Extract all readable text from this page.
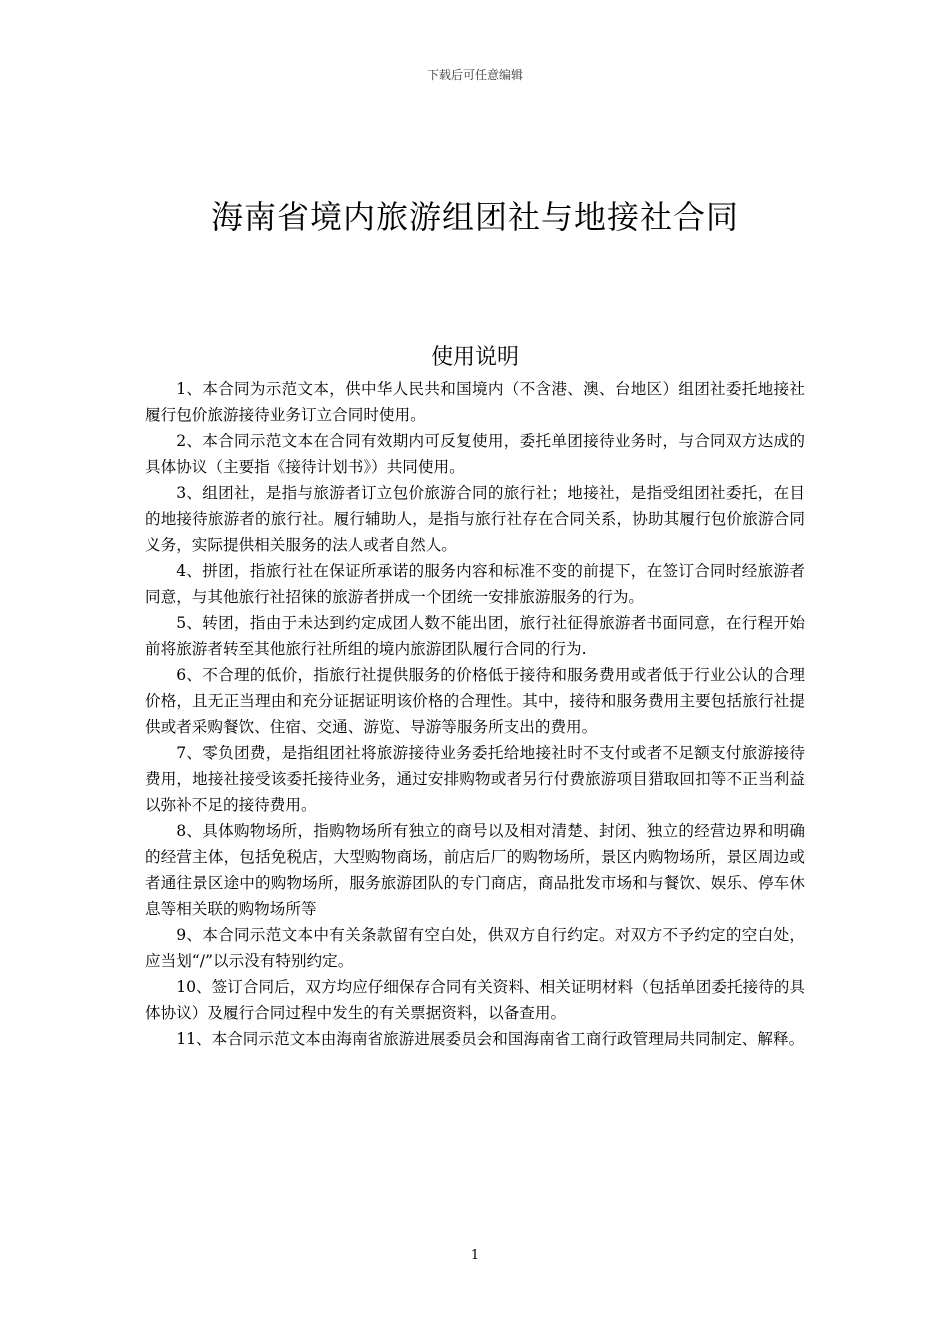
下载后可任意编辑
海南省境内旅游组团社与地接社合同
使用说明

1、本合同为示范文本，供中华人民共和国境内（不含港、澳、台地区）组团社委托地接社履行包价旅游接待业务订立合同时使用。

2、本合同示范文本在合同有效期内可反复使用，委托单团接待业务时，与合同双方达成的具体协议（主要指《接待计划书》）共同使用。

3、组团社，是指与旅游者订立包价旅游合同的旅行社；地接社，是指受组团社委托，在目的地接待旅游者的旅行社。履行辅助人，是指与旅行社存在合同关系，协助其履行包价旅游合同义务，实际提供相关服务的法人或者自然人。

4、拼团，指旅行社在保证所承诺的服务内容和标准不变的前提下，在签订合同时经旅游者同意，与其他旅行社招徕的旅游者拼成一个团统一安排旅游服务的行为。

5、转团，指由于未达到约定成团人数不能出团，旅行社征得旅游者书面同意，在行程开始前将旅游者转至其他旅行社所组的境内旅游团队履行合同的行为.

6、不合理的低价，指旅行社提供服务的价格低于接待和服务费用或者低于行业公认的合理价格，且无正当理由和充分证据证明该价格的合理性。其中，接待和服务费用主要包括旅行社提供或者采购餐饮、住宿、交通、游览、导游等服务所支出的费用。

7、零负团费，是指组团社将旅游接待业务委托给地接社时不支付或者不足额支付旅游接待费用，地接社接受该委托接待业务，通过安排购物或者另行付费旅游项目猎取回扣等不正当利益以弥补不足的接待费用。

8、具体购物场所，指购物场所有独立的商号以及相对清楚、封闭、独立的经营边界和明确的经营主体，包括免税店，大型购物商场，前店后厂的购物场所，景区内购物场所，景区周边或者通往景区途中的购物场所，服务旅游团队的专门商店，商品批发市场和与餐饮、娱乐、停车休息等相关联的购物场所等

9、本合同示范文本中有关条款留有空白处，供双方自行约定。对双方不予约定的空白处，应当划“/”以示没有特别约定。

10、签订合同后，双方均应仔细保存合同有关资料、相关证明材料（包括单团委托接待的具体协议）及履行合同过程中发生的有关票据资料，以备查用。

11、本合同示范文本由海南省旅游进展委员会和国海南省工商行政管理局共同制定、解释。

1
